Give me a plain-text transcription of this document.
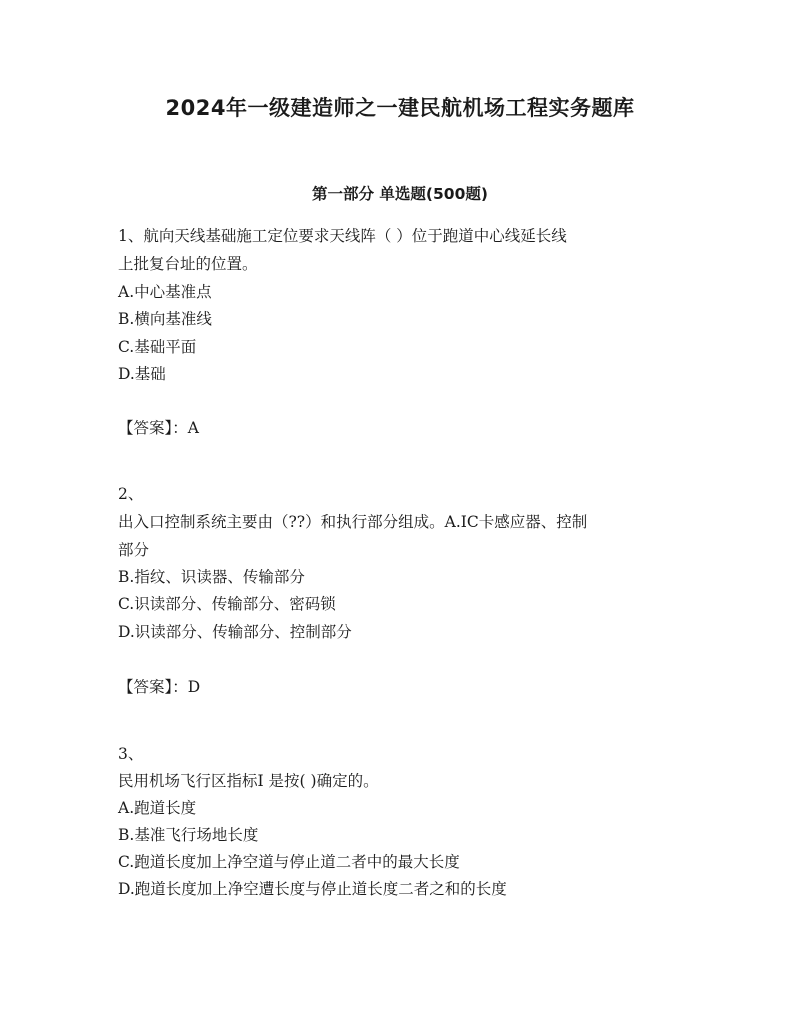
2024年一级建造师之一建民航机场工程实务题库
第一部分 单选题(500题)
1、航向天线基础施工定位要求天线阵（ ）位于跑道中心线延长线
上批复台址的位置。
A.中心基准点
B.横向基准线
C.基础平面
D.基础
【答案】：A
2、
出入口控制系统主要由（??）和执行部分组成。A.IC卡感应器、控制
部分
B.指纹、识读器、传输部分
C.识读部分、传输部分、密码锁
D.识读部分、传输部分、控制部分
【答案】：D
3、
民用机场飞行区指标Ⅰ 是按( )确定的。
A.跑道长度
B.基准飞行场地长度
C.跑道长度加上净空道与停止道二者中的最大长度
D.跑道长度加上净空遭长度与停止道长度二者之和的长度
